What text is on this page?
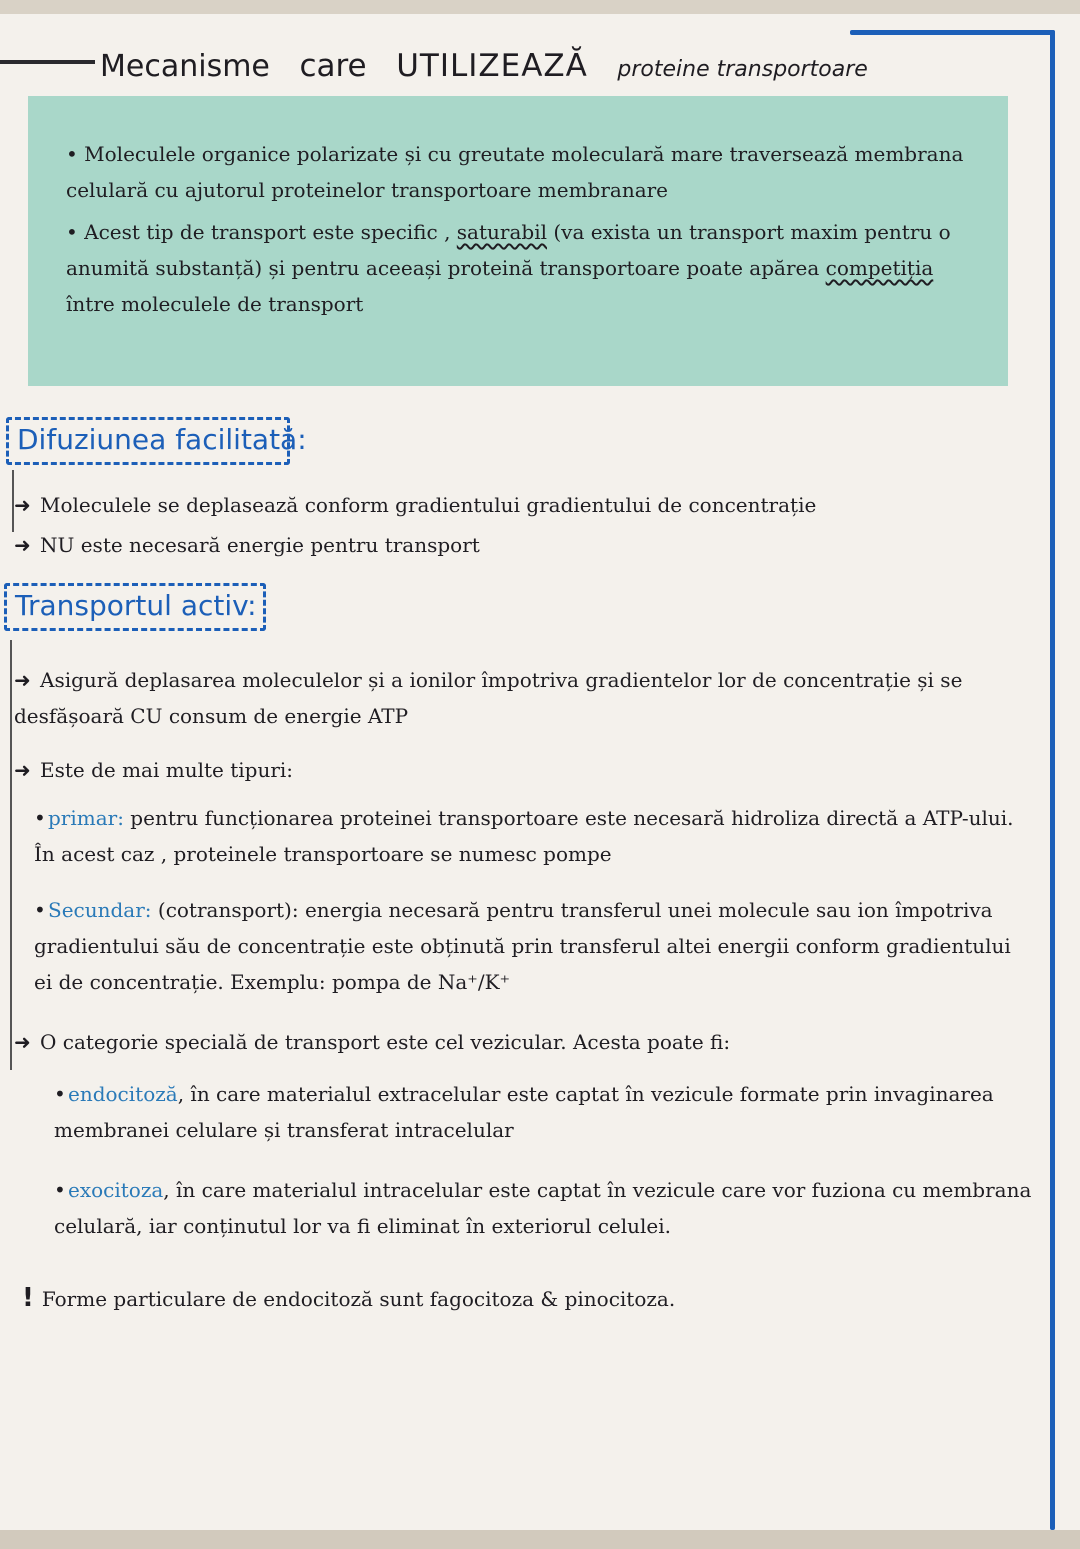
Mecanisme care UTILIZEAZĂ proteine transportoare

• Moleculele organice polarizate și cu greutate moleculară mare traversează membrana celulară cu ajutorul proteinelor transportoare membranare

• Acest tip de transport este specific , saturabil (va exista un transport maxim pentru o anumită substanță) și pentru aceeași proteină transportoare poate apărea competiția între moleculele de transport

Difuziunea facilitată:
➜ Moleculele se deplasează conform gradientului gradientului de concentrație
➜ NU este necesară energie pentru transport
Transportul activ:

➜ Asigură deplasarea moleculelor și a ionilor împotriva gradientelor lor de concentrație și se desfășoară CU consum de energie ATP

➜ Este de mai multe tipuri:

• primar: pentru funcționarea proteinei transportoare este necesară hidroliza directă a ATP-ului. În acest caz , proteinele transportoare se numesc pompe

• Secundar: (cotransport): energia necesară pentru transferul unei molecule sau ion împotriva gradientului său de concentrație este obținută prin transferul altei energii conform gradientului ei de concentrație. Exemplu: pompa de Na⁺/K⁺

➜ O categorie specială de transport este cel vezicular. Acesta poate fi:

• endocitoză, în care materialul extracelular este captat în vezicule formate prin invaginarea membranei celulare și transferat intracelular

• exocitoza, în care materialul intracelular este captat în vezicule care vor fuziona cu membrana celulară, iar conținutul lor va fi eliminat în exteriorul celulei.

! Forme particulare de endocitoză sunt fagocitoza & pinocitoza.
